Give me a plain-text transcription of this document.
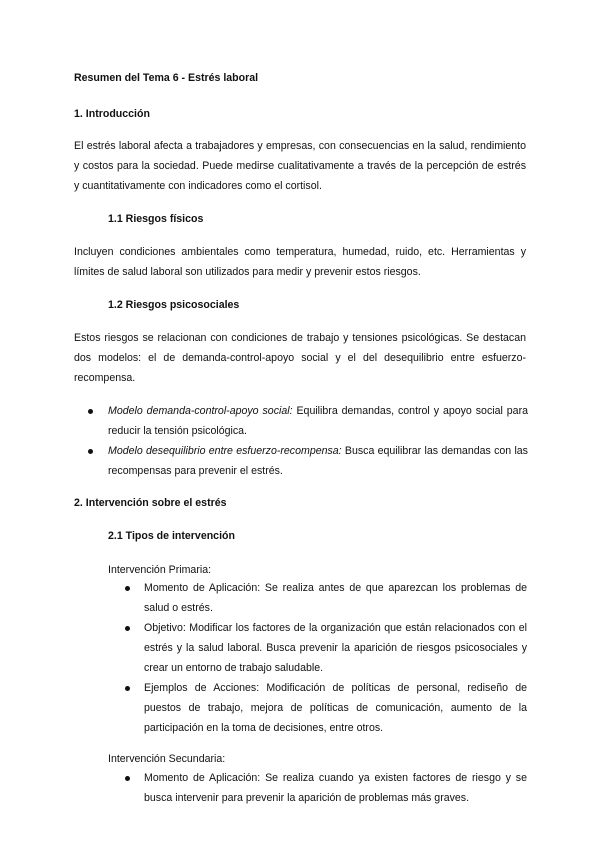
Resumen del Tema 6 - Estrés laboral
1. Introducción

El estrés laboral afecta a trabajadores y empresas, con consecuencias en la salud, rendimiento y costos para la sociedad. Puede medirse cualitativamente a través de la percepción de estrés y cuantitativamente con indicadores como el cortisol.

1.1 Riesgos físicos

Incluyen condiciones ambientales como temperatura, humedad, ruido, etc. Herramientas y límites de salud laboral son utilizados para medir y prevenir estos riesgos.

1.2 Riesgos psicosociales

Estos riesgos se relacionan con condiciones de trabajo y tensiones psicológicas. Se destacan dos modelos: el de demanda-control-apoyo social y el del desequilibrio entre esfuerzo-recompensa.

Modelo demanda-control-apoyo social: Equilibra demandas, control y apoyo social para reducir la tensión psicológica.
Modelo desequilibrio entre esfuerzo-recompensa: Busca equilibrar las demandas con las recompensas para prevenir el estrés.
2. Intervención sobre el estrés
2.1 Tipos de intervención
Intervención Primaria:
Momento de Aplicación: Se realiza antes de que aparezcan los problemas de salud o estrés.
Objetivo: Modificar los factores de la organización que están relacionados con el estrés y la salud laboral. Busca prevenir la aparición de riesgos psicosociales y crear un entorno de trabajo saludable.
Ejemplos de Acciones: Modificación de políticas de personal, rediseño de puestos de trabajo, mejora de políticas de comunicación, aumento de la participación en la toma de decisiones, entre otros.
Intervención Secundaria:
Momento de Aplicación: Se realiza cuando ya existen factores de riesgo y se busca intervenir para prevenir la aparición de problemas más graves.
